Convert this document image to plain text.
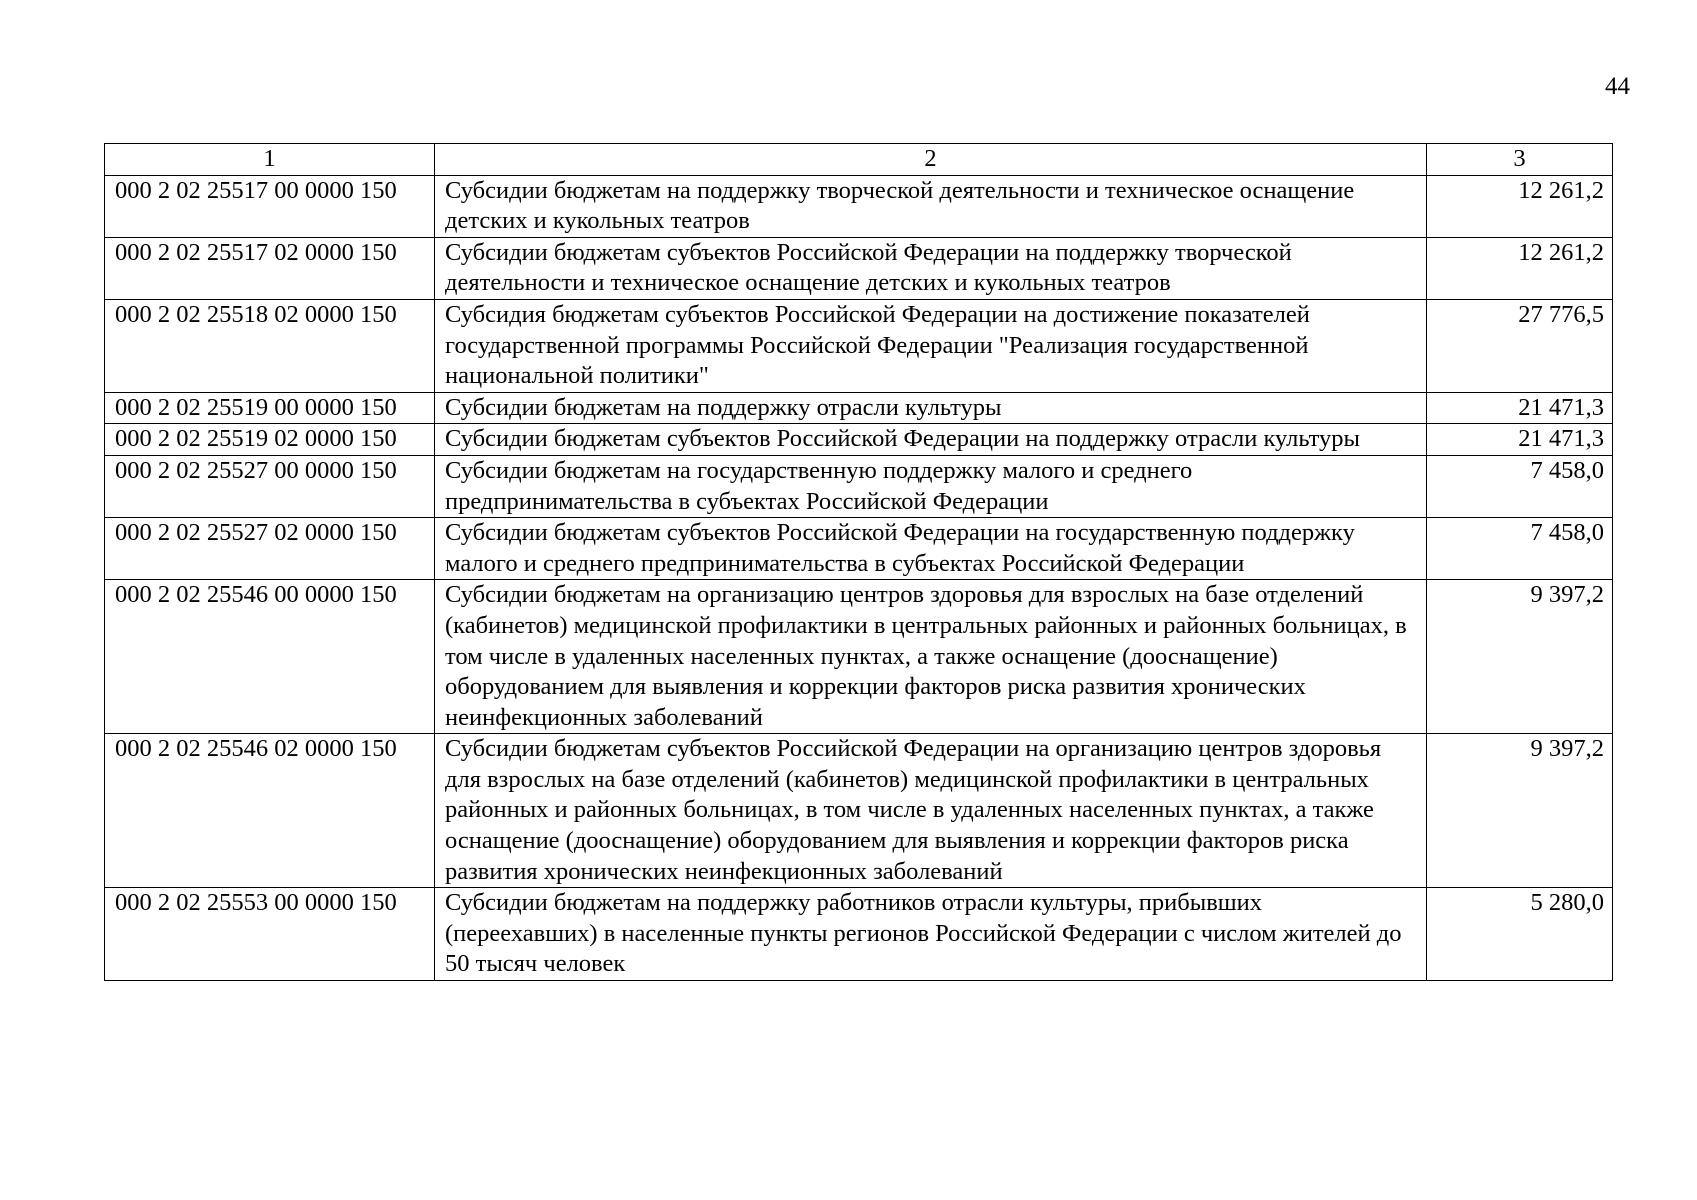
44
1	2	3
000 2 02 25517 00 0000 150	Субсидии бюджетам на поддержку творческой деятельности и техническое оснащение детских и кукольных театров	12 261,2
000 2 02 25517 02 0000 150	Субсидии бюджетам субъектов Российской Федерации на поддержку творческой деятельности и техническое оснащение детских и кукольных театров	12 261,2
000 2 02 25518 02 0000 150	Субсидия бюджетам субъектов Российской Федерации на достижение показателей государственной программы Российской Федерации "Реализация государственной национальной политики"	27 776,5
000 2 02 25519 00 0000 150	Субсидии бюджетам на поддержку отрасли культуры	21 471,3
000 2 02 25519 02 0000 150	Субсидии бюджетам субъектов Российской Федерации на поддержку отрасли культуры	21 471,3
000 2 02 25527 00 0000 150	Субсидии бюджетам на государственную поддержку малого и среднего предпринимательства в субъектах Российской Федерации	7 458,0
000 2 02 25527 02 0000 150	Субсидии бюджетам субъектов Российской Федерации на государственную поддержку малого и среднего предпринимательства в субъектах Российской Федерации	7 458,0
000 2 02 25546 00 0000 150	Субсидии бюджетам на организацию центров здоровья для взрослых на базе отделений (кабинетов) медицинской профилактики в центральных районных и районных больницах, в том числе в удаленных населенных пунктах, а также оснащение (дооснащение) оборудованием для выявления и коррекции факторов риска развития хронических неинфекционных заболеваний	9 397,2
000 2 02 25546 02 0000 150	Субсидии бюджетам субъектов Российской Федерации на организацию центров здоровья для взрослых на базе отделений (кабинетов) медицинской профилактики в центральных районных и районных больницах, в том числе в удаленных населенных пунктах, а также оснащение (дооснащение) оборудованием для выявления и коррекции факторов риска развития хронических неинфекционных заболеваний	9 397,2
000 2 02 25553 00 0000 150	Субсидии бюджетам на поддержку работников отрасли культуры, прибывших (переехавших) в населенные пункты регионов Российской Федерации с числом жителей до 50 тысяч человек	5 280,0
